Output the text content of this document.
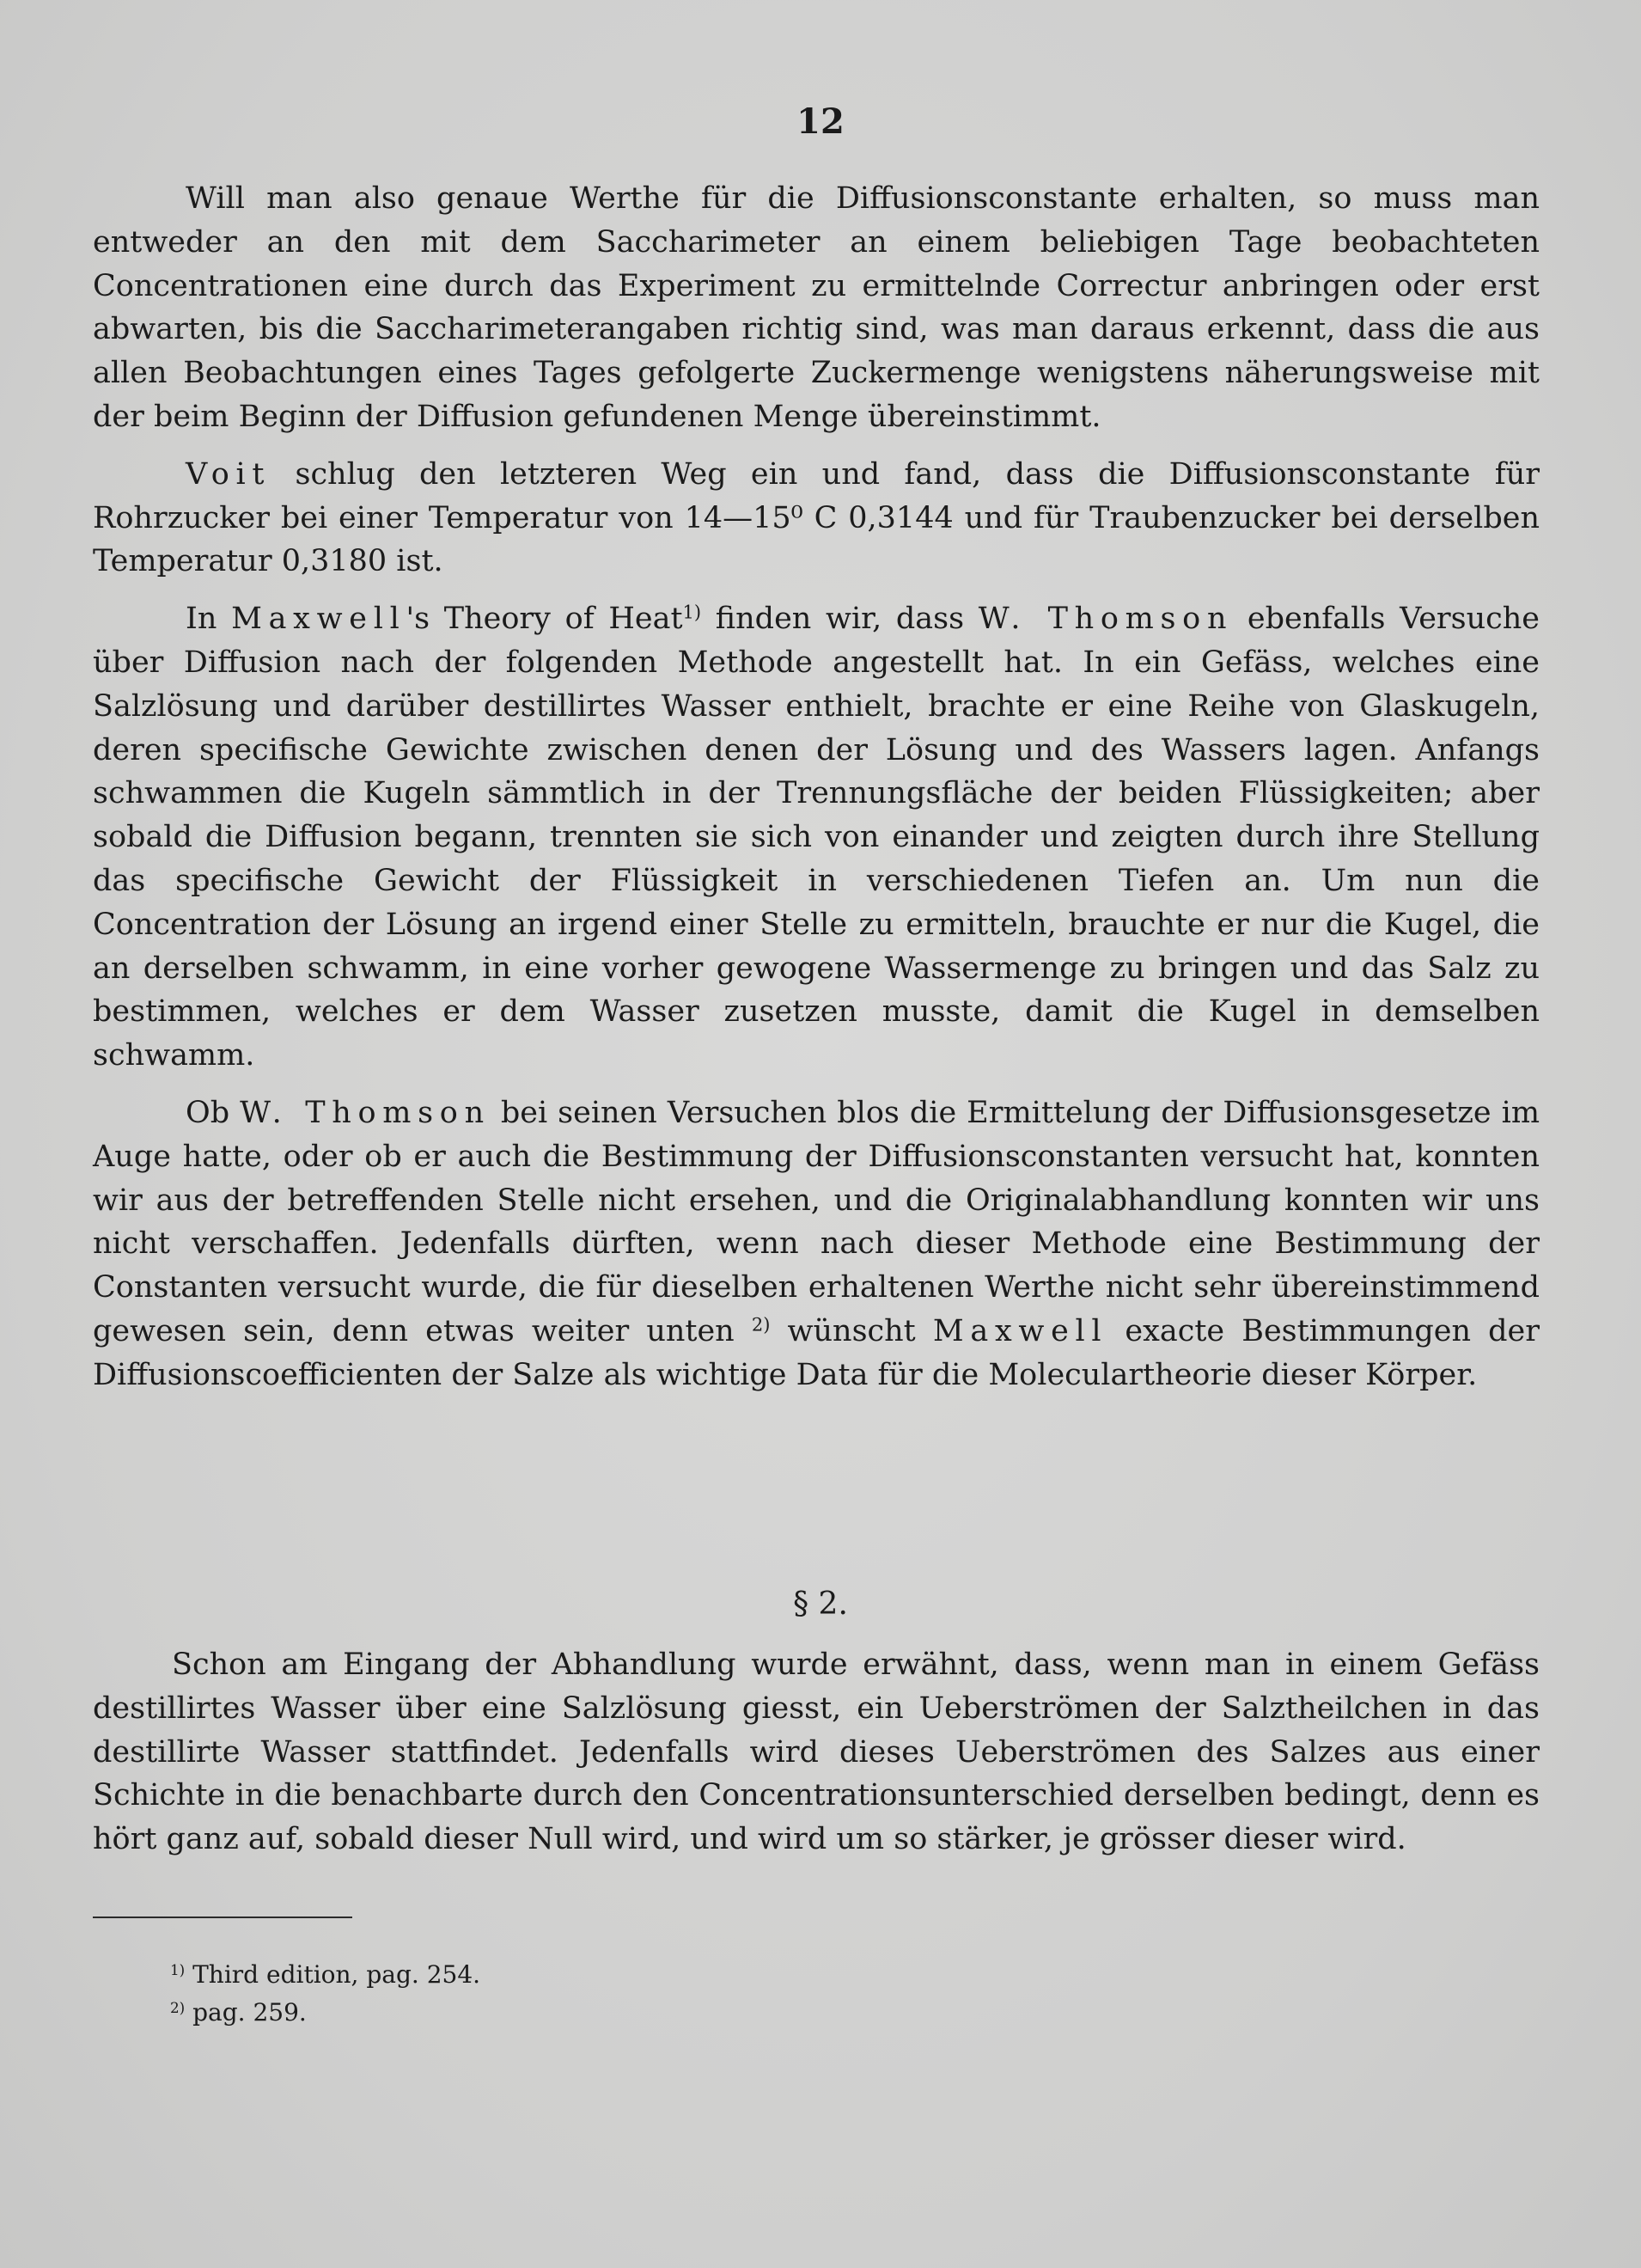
12

Will man also genaue Werthe für die Diffusionsconstante erhalten, so muss man entweder an den mit dem Saccharimeter an einem beliebigen Tage beobachteten Concentrationen eine durch das Experiment zu ermittelnde Correctur anbringen oder erst abwarten, bis die Saccharimeterangaben richtig sind, was man daraus erkennt, dass die aus allen Beobachtungen eines Tages gefolgerte Zuckermenge wenigstens näherungsweise mit der beim Beginn der Diffusion gefundenen Menge übereinstimmt.

Voit schlug den letzteren Weg ein und fand, dass die Diffusionsconstante für Rohrzucker bei einer Temperatur von 14—15⁰ C 0,3144 und für Traubenzucker bei derselben Temperatur 0,3180 ist.

In Maxwell's Theory of Heat$^{1)}$ finden wir, dass W. Thomson ebenfalls Versuche über Diffusion nach der folgenden Methode angestellt hat. In ein Gefäss, welches eine Salzlösung und darüber destillirtes Wasser enthielt, brachte er eine Reihe von Glaskugeln, deren specifische Gewichte zwischen denen der Lösung und des Wassers lagen. Anfangs schwammen die Kugeln sämmtlich in der Trennungsfläche der beiden Flüssigkeiten; aber sobald die Diffusion begann, trennten sie sich von einander und zeigten durch ihre Stellung das specifische Gewicht der Flüssigkeit in verschiedenen Tiefen an. Um nun die Concentration der Lösung an irgend einer Stelle zu ermitteln, brauchte er nur die Kugel, die an derselben schwamm, in eine vorher gewogene Wassermenge zu bringen und das Salz zu bestimmen, welches er dem Wasser zusetzen musste, damit die Kugel in demselben schwamm.

Ob W. Thomson bei seinen Versuchen blos die Ermittelung der Diffusionsgesetze im Auge hatte, oder ob er auch die Bestimmung der Diffusionsconstanten versucht hat, konnten wir aus der betreffenden Stelle nicht ersehen, und die Originalabhandlung konnten wir uns nicht verschaffen. Jedenfalls dürften, wenn nach dieser Methode eine Bestimmung der Constanten versucht wurde, die für dieselben erhaltenen Werthe nicht sehr übereinstimmend gewesen sein, denn etwas weiter unten $^{2)}$ wünscht Maxwell exacte Bestimmungen der Diffusionscoefficienten der Salze als wichtige Data für die Moleculartheorie dieser Körper.

§ 2.

Schon am Eingang der Abhandlung wurde erwähnt, dass, wenn man in einem Gefäss destillirtes Wasser über eine Salzlösung giesst, ein Ueberströmen der Salztheilchen in das destillirte Wasser stattfindet. Jedenfalls wird dieses Ueberströmen des Salzes aus einer Schichte in die benachbarte durch den Concentrationsunterschied derselben bedingt, denn es hört ganz auf, sobald dieser Null wird, und wird um so stärker, je grösser dieser wird.

$^{1)}$ Third edition, pag. 254.

$^{2)}$ pag. 259.
